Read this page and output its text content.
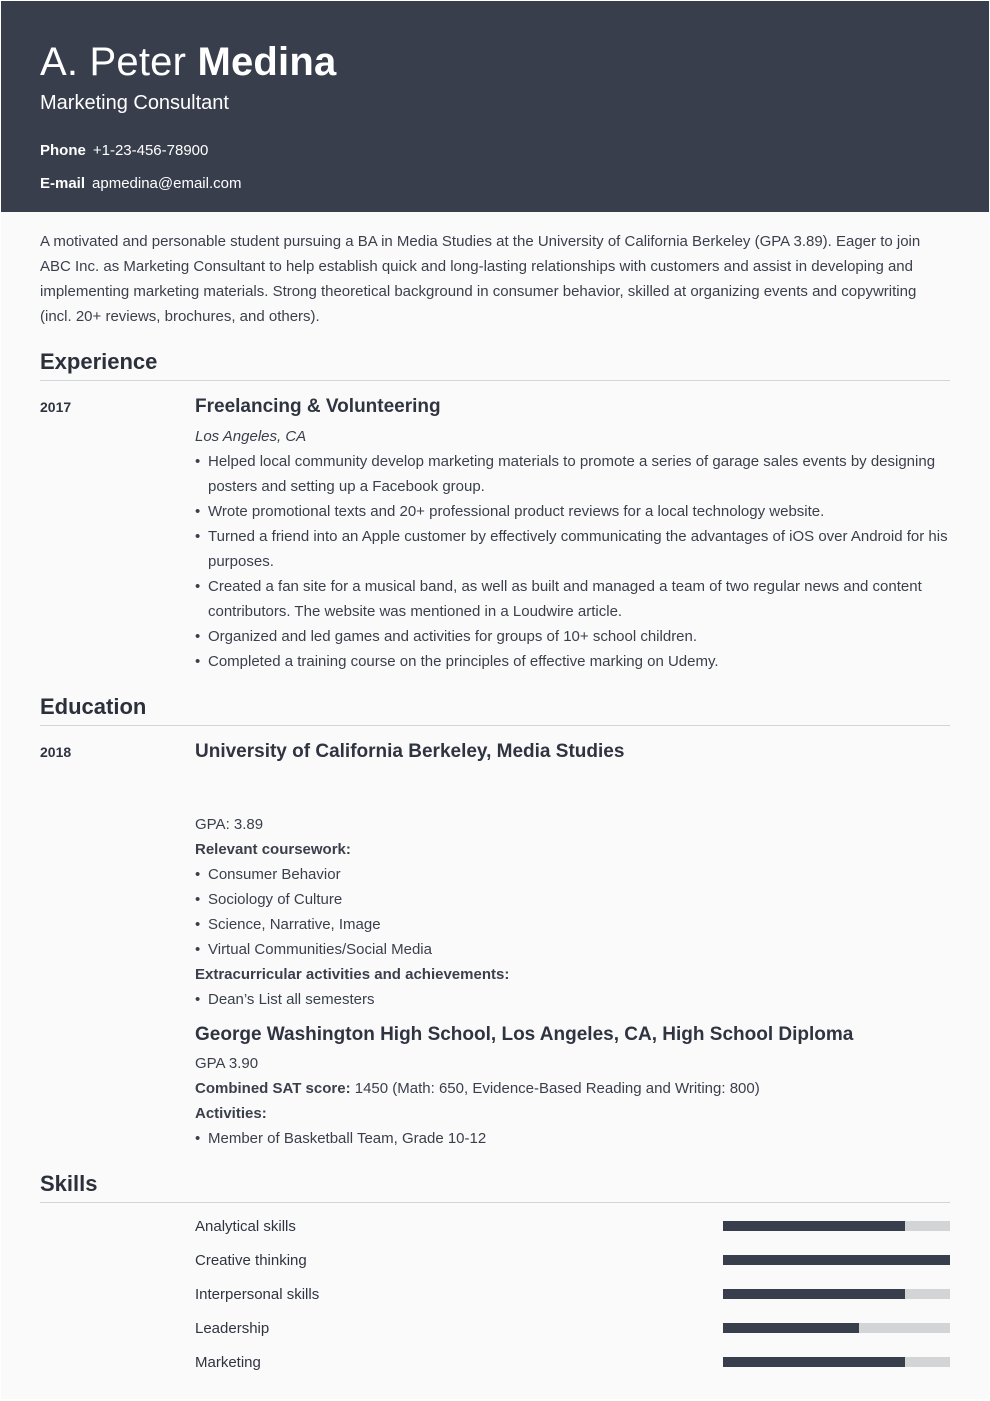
A. Peter Medina
Marketing Consultant
Phone +1-23-456-78900
E-mail apmedina@email.com

A motivated and personable student pursuing a BA in Media Studies at the University of California Berkeley (GPA 3.89). Eager to join ABC Inc. as Marketing Consultant to help establish quick and long-lasting relationships with customers and assist in developing and implementing marketing materials. Strong theoretical background in consumer behavior, skilled at organizing events and copywriting (incl. 20+ reviews, brochures, and others).

Experience
2017	Freelancing & Volunteering
Los Angeles, CA
• Helped local community develop marketing materials to promote a series of garage sales events by designing posters and setting up a Facebook group.
• Wrote promotional texts and 20+ professional product reviews for a local technology website.
• Turned a friend into an Apple customer by effectively communicating the advantages of iOS over Android for his purposes.
• Created a fan site for a musical band, as well as built and managed a team of two regular news and content contributors. The website was mentioned in a Loudwire article.
• Organized and led games and activities for groups of 10+ school children.
• Completed a training course on the principles of effective marking on Udemy.
Education
2018	University of California Berkeley, Media Studies
GPA: 3.89
Relevant coursework:
• Consumer Behavior
• Sociology of Culture
• Science, Narrative, Image
• Virtual Communities/Social Media
Extracurricular activities and achievements:
• Dean’s List all semesters
George Washington High School, Los Angeles, CA, High School Diploma
GPA 3.90
Combined SAT score: 1450 (Math: 650, Evidence-Based Reading and Writing: 800)
Activities:
• Member of Basketball Team, Grade 10-12
Skills
Analytical skills
Creative thinking
Interpersonal skills
Leadership
Marketing
